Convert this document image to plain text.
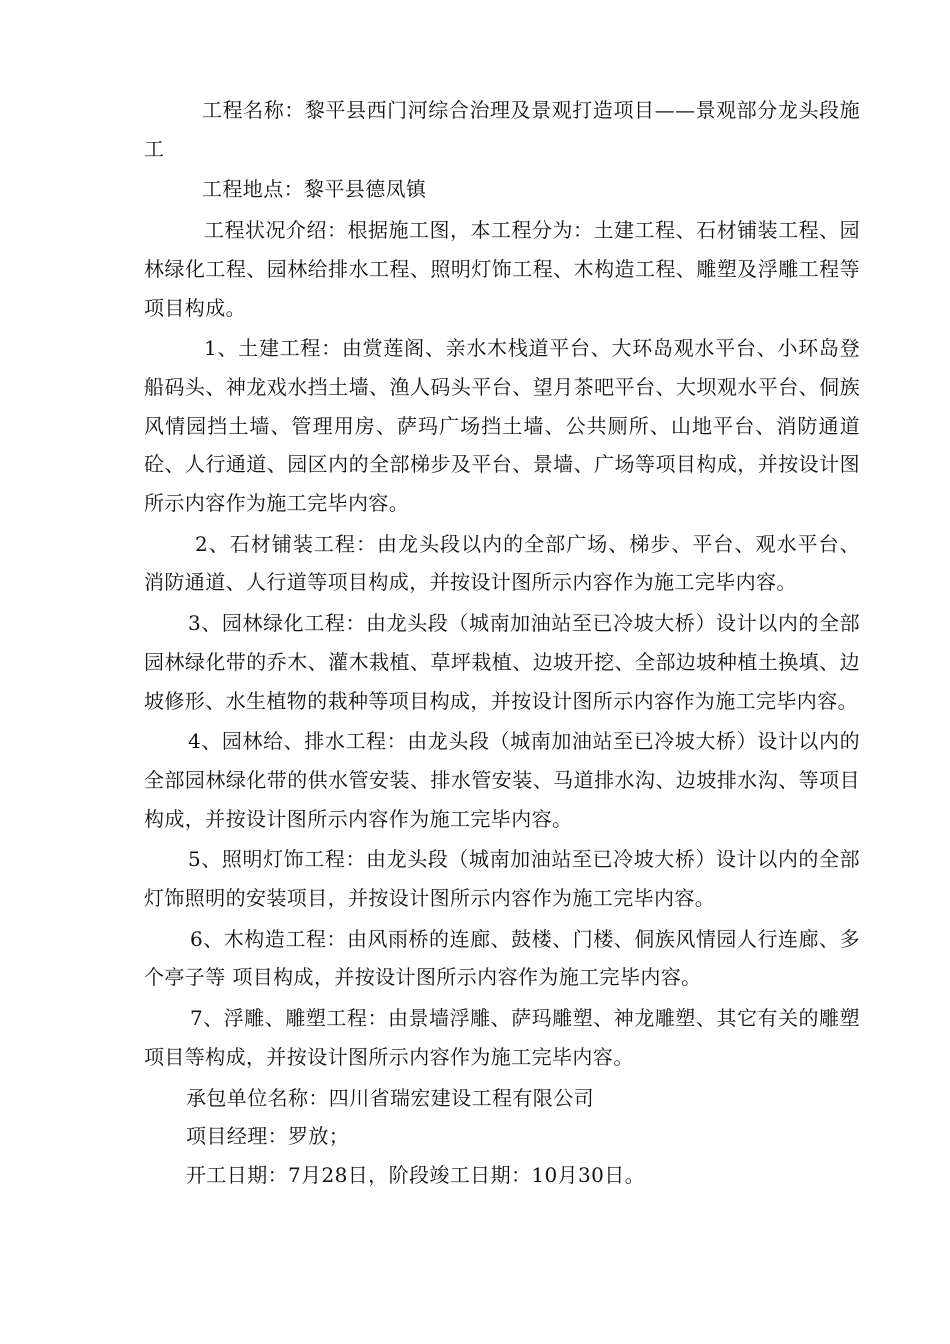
工程名称：黎平县西门河综合治理及景观打造项目——景观部分龙头段施工

工程地点：黎平县德凤镇

工程状况介绍：根据施工图，本工程分为：土建工程、石材铺装工程、园林绿化工程、园林给排水工程、照明灯饰工程、木构造工程、雕塑及浮雕工程等项目构成。

1、土建工程：由赏莲阁、亲水木栈道平台、大环岛观水平台、小环岛登船码头、神龙戏水挡土墙、渔人码头平台、望月茶吧平台、大坝观水平台、侗族风情园挡土墙、管理用房、萨玛广场挡土墙、公共厕所、山地平台、消防通道砼、人行通道、园区内的全部梯步及平台、景墙、广场等项目构成，并按设计图所示内容作为施工完毕内容。

2、石材铺装工程：由龙头段以内的全部广场、梯步、平台、观水平台、消防通道、人行道等项目构成，并按设计图所示内容作为施工完毕内容。

3、园林绿化工程：由龙头段（城南加油站至已冷坡大桥）设计以内的全部园林绿化带的乔木、灌木栽植、草坪栽植、边坡开挖、全部边坡种植土换填、边坡修形、水生植物的栽种等项目构成，并按设计图所示内容作为施工完毕内容。

4、园林给、排水工程：由龙头段（城南加油站至已冷坡大桥）设计以内的全部园林绿化带的供水管安装、排水管安装、马道排水沟、边坡排水沟、等项目构成，并按设计图所示内容作为施工完毕内容。

5、照明灯饰工程：由龙头段（城南加油站至已冷坡大桥）设计以内的全部灯饰照明的安装项目，并按设计图所示内容作为施工完毕内容。

6、木构造工程：由风雨桥的连廊、鼓楼、门楼、侗族风情园人行连廊、多个亭子等 项目构成，并按设计图所示内容作为施工完毕内容。

7、浮雕、雕塑工程：由景墙浮雕、萨玛雕塑、神龙雕塑、其它有关的雕塑项目等构成，并按设计图所示内容作为施工完毕内容。

承包单位名称：四川省瑞宏建设工程有限公司

项目经理：罗放；

开工日期：7月28日，阶段竣工日期：10月30日。
